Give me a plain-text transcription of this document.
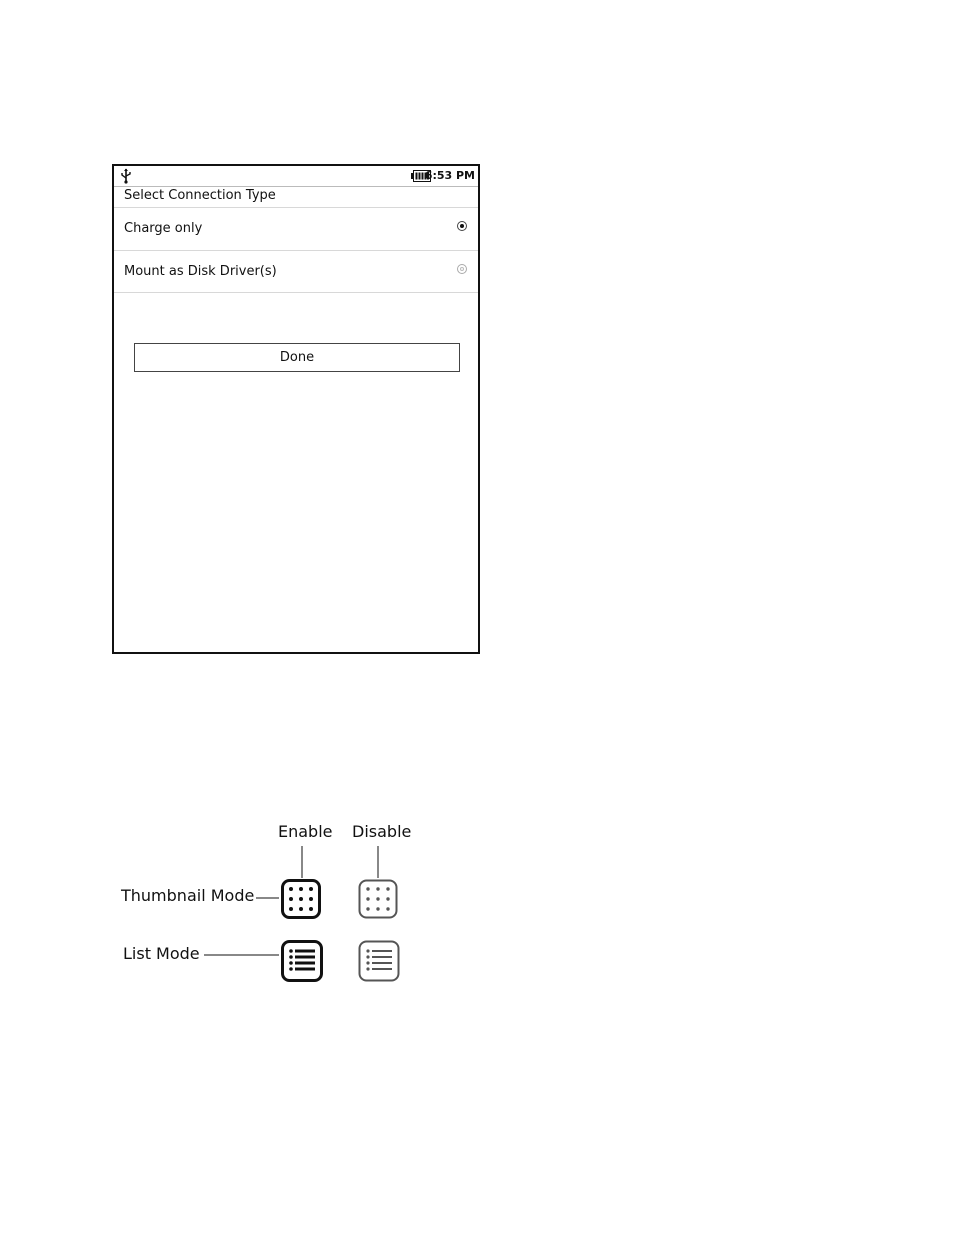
6:53 PM
Select Connection Type
Charge only
Mount as Disk Driver(s)
Done
Enable Disable
Thumbnail Mode
List Mode
